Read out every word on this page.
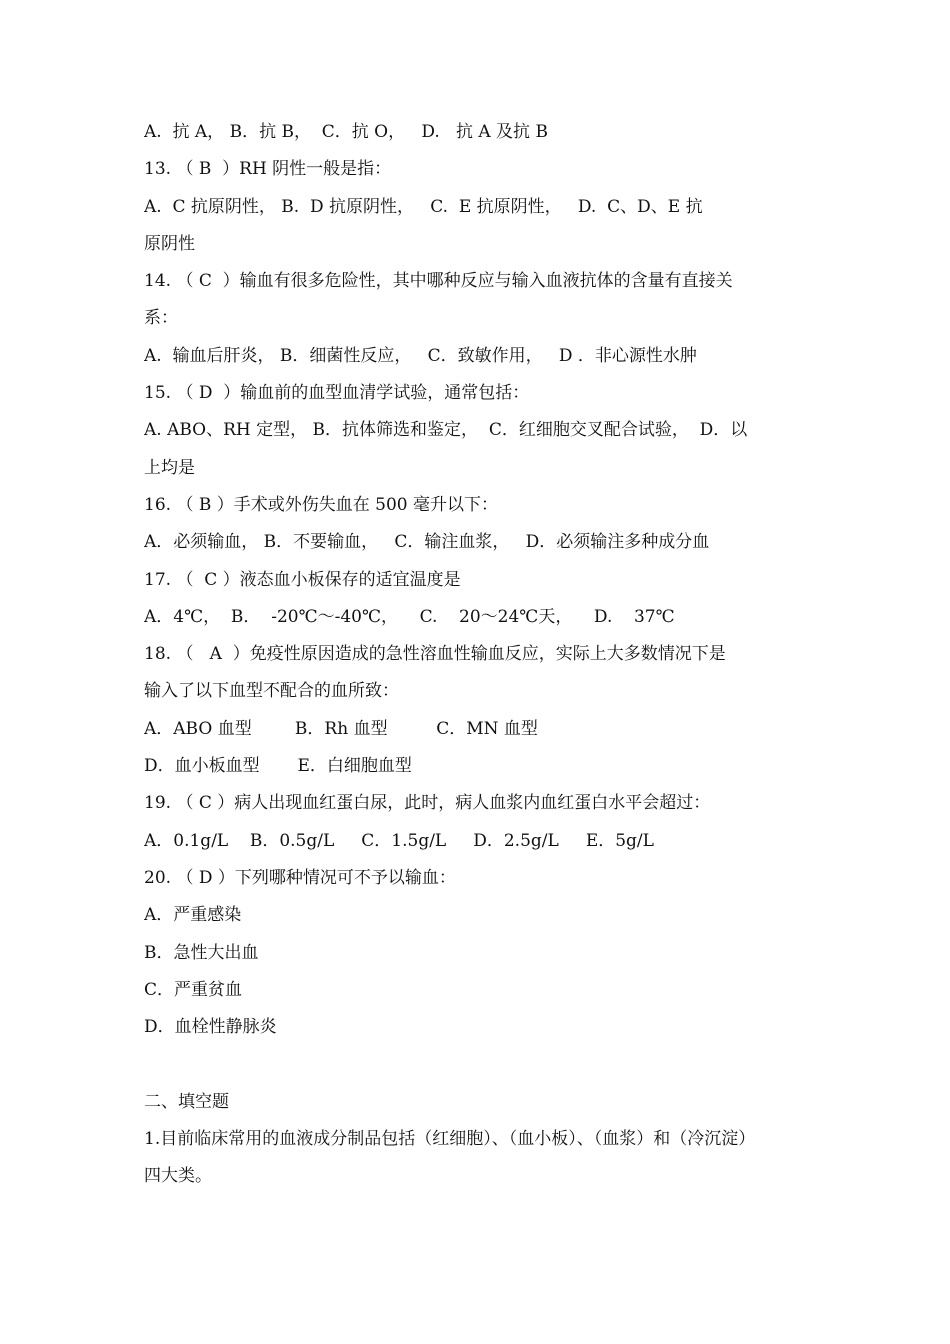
A.  抗 A， B．抗 B，  C．抗 O，   D.   抗 A 及抗 B
13. （ B  ）RH 阴性一般是指：
A.  C 抗原阴性， B.  D 抗原阴性，   C.  E 抗原阴性，   D.  C、D、E 抗
原阴性
14. （ C  ）输血有很多危险性，其中哪种反应与输入血液抗体的含量有直接关
系：
A.  输血后肝炎， B．细菌性反应，   C．致敏作用，   D ．非心源性水肿
15. （ D  ）输血前的血型血清学试验，通常包括：
A. ABO、RH 定型， B．抗体筛选和鉴定，  C．红细胞交叉配合试验，  D．以
上均是
16. （ B ）手术或外伤失血在 500 毫升以下：
A．必须输血， B．不要输血，   C．输注血浆，   D．必须输注多种成分血
17. （  C ）液态血小板保存的适宜温度是
A．4℃，  B．  -20℃～-40℃，    C.    20～24℃天，    D.    37℃
18. （   A  ）免疫性原因造成的急性溶血性输血反应，实际上大多数情况下是
输入了以下血型不配合的血所致：
A．ABO 血型        B．Rh 血型         C．MN 血型
D．血小板血型       E．白细胞血型
19. （ C ）病人出现血红蛋白尿，此时，病人血浆内血红蛋白水平会超过：
A．0.1g/L    B．0.5g/L     C．1.5g/L     D．2.5g/L     E．5g/L
20. （ D ）下列哪种情况可不予以输血：
A．严重感染
B．急性大出血
C．严重贫血
D．血栓性静脉炎
二、填空题
1.目前临床常用的血液成分制品包括（红细胞）、（血小板）、（血浆）和（冷沉淀）
四大类。
